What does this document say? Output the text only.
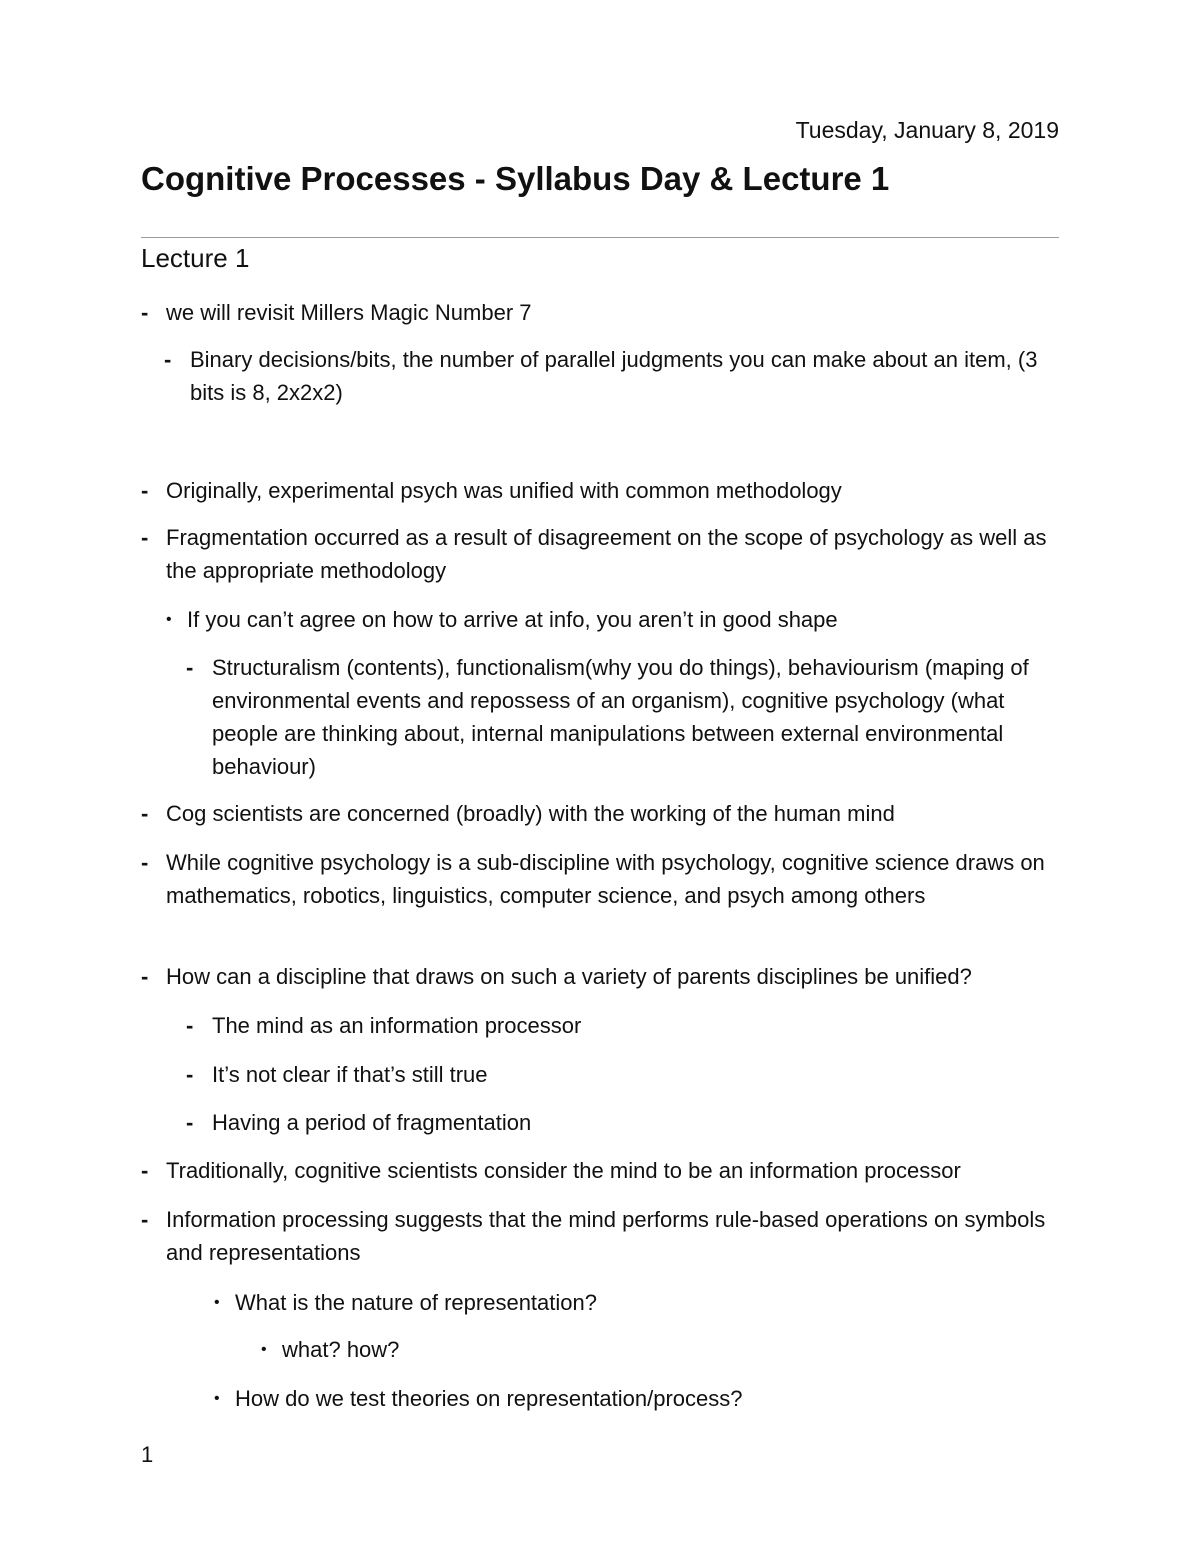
Tuesday, January 8, 2019
Cognitive Processes - Syllabus Day & Lecture 1
Lecture 1
- we will revisit Millers Magic Number 7
- Binary decisions/bits, the number of parallel judgments you can make about an item, (3 bits is 8, 2x2x2)
- Originally, experimental psych was unified with common methodology
- Fragmentation occurred as a result of disagreement on the scope of psychology as well as the appropriate methodology
• If you can’t agree on how to arrive at info, you aren’t in good shape
- Structuralism (contents), functionalism(why you do things), behaviourism (maping of environmental events and repossess of an organism), cognitive psychology (what people are thinking about, internal manipulations between external environmental behaviour)
- Cog scientists are concerned (broadly) with the working of the human mind
- While cognitive psychology is a sub-discipline with psychology, cognitive science draws on mathematics, robotics, linguistics, computer science, and psych among others
- How can a discipline that draws on such a variety of parents disciplines be unified?
- The mind as an information processor
- It’s not clear if that’s still true
- Having a period of fragmentation
- Traditionally, cognitive scientists consider the mind to be an information processor
- Information processing suggests that the mind performs rule-based operations on symbols and representations
• What is the nature of representation?
• what? how?
• How do we test theories on representation/process?
1
